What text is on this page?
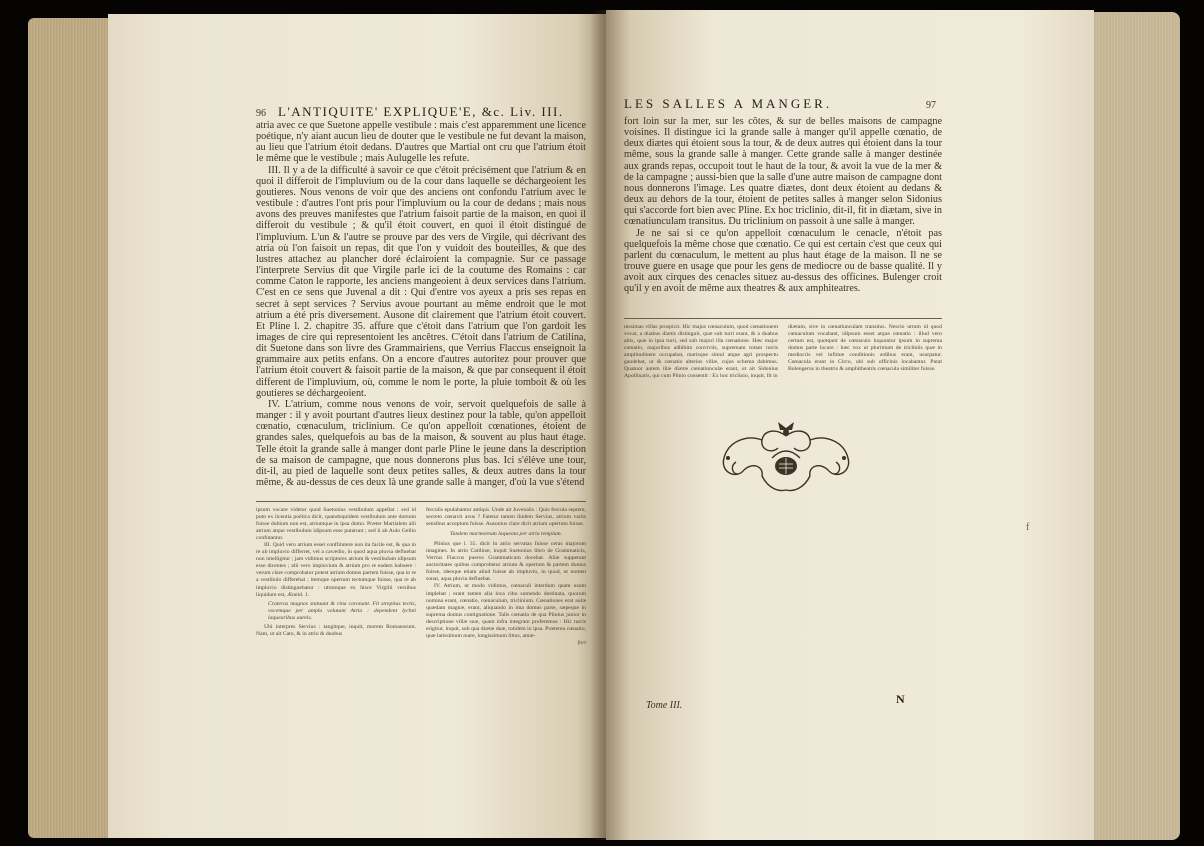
96 L'ANTIQUITE' EXPLIQUE'E, &c. Liv. III.

atria avec ce que Suetone appelle vestibule : mais c'est apparemment une licence poétique, n'y aiant aucun lieu de douter que le vestibule ne fut devant la maison, au lieu que l'atrium étoit dedans. D'autres que Martial ont cru que l'atrium étoit le même que le vestibule ; mais Aulugelle les refute.

III. Il y a de la difficulté à savoir ce que c'étoit précisément que l'atrium & en quoi il differoit de l'impluvium ou de la cour dans laquelle se déchargeoient les goutieres. Nous venons de voir que des anciens ont confondu l'atrium avec le vestibule : d'autres l'ont pris pour l'impluvium ou la cour de dedans ; mais nous avons des preuves manifestes que l'atrium faisoit partie de la maison, en quoi il differoit du vestibule ; & qu'il étoit couvert, en quoi il étoit distingué de l'impluvium. L'un & l'autre se prouve par des vers de Virgile, qui décrivant des atria où l'on faisoit un repas, dit que l'on y vuidoit des bouteilles, & que des lustres attachez au plancher doré éclairoient la compagnie. Sur ce passage l'interprete Servius dit que Virgile parle ici de la coutume des Romains : car comme Caton le rapporte, les anciens mangeoient à deux services dans l'atrium. C'est en ce sens que Juvenal a dit : Qui d'entre vos ayeux a pris ses repas en secret à sept services ? Servius avoue pourtant au même endroit que le mot atrium a été pris diversement. Ausone dit clairement que l'atrium étoit couvert. Et Pline l. 2. chapitre 35. affure que c'étoit dans l'atrium que l'on gardoit les images de cire qui representoient les ancêtres. C'étoit dans l'atrium de Catilina, dit Suetone dans son livre des Grammairiens, que Verrius Flaccus enseignoit la grammaire aux petits enfans. On a encore d'autres autoritez pour prouver que l'atrium étoit couvert & faisoit partie de la maison, & que par consequent il étoit different de l'impluvium, où, comme le nom le porte, la pluie tomboit & où les goutieres se déchargeoient.

IV. L'atrium, comme nous venons de voir, servoit quelquefois de salle à manger : il y avoit pourtant d'autres lieux destinez pour la table, qu'on appelloit cœnatio, cœnaculum, triclinium. Ce qu'on appelloit cœnationes, étoient de grandes sales, quelquefois au bas de la maison, & souvent au plus haut étage. Telle étoit la grande salle à manger dont parle Pline le jeune dans la description de sa maison de campagne, que nous donnerons plus bas. Ici s'élève une tour, dit-il, au pied de laquelle sont deux petites salles, & deux autres dans la tour même, & au-dessus de ces deux là une grande salle à manger, d'où la vue s'étend

ipsum vocare videtur quod Suetonius vestibulum appellat : sed id puto ex licentia poëtica dicit, quandoquidem vestibulum ante domum fuisse dubium non est, atriumque in ipsa domo. Præter Martialem alii atrium atque vestibulum idipsum esse putarunt ; sed ii ab Aulo Gellio confutantur.

III. Quid vero atrium esset conflitutere non ita facile est, & qua in re ab impluvio differret, vel a cavædio, in quod aqua pluvia defluebat non intelligitur ; jam vidimus scriptores atrium & vestibulum idipsum esse dicentes ; alii vero impluvium & atrium pro re eadem habuere : verum clare comprobatur potest atrium domus partem fuisse, qua in re a vestibulo differebat ; itemque opertum tectumque fuisse, qua re ab impluvio distinguebatur : utrumque ex hisce Virgilii versibus liquidum est, Æneid. 1.

Crateras magnos statuunt & vina coronant. Fit strepitus tectis, vocemque per ampla volutant Atria : dependent lychni laquearibus aureis.

Ubi interpres Servius : tangitque, inquit, morem Romanorum. Nam, ut ait Cato, & in atrio & duobus

ferculis epulabantur antiqui. Unde ait Juvenalis : Quis fercula septem, secreto cœnavit avus ? Fatetur tamen ibidem Servius, atrium variis sensibus acceptum fuisse. Ausonius clare dicit atrium opertum fuisse.

Tandem marmoreum laqueata per atria templum.

Plinius que l. 35. dicit in atrio servatas fuisse ceras majorum imagines. In atrio Catilinæ, inquit Suetonius libro de Grammaticis, Verrius Flaccus pueros Grammaticam docebat. Aliæ suppetunt auctoritates quibus comprobetur atrium & opertum & partem domus fuisse, ideoque etiam aliud fuisse ab impluvio, in quod, ut nomen sonat, aqua pluvia defluebat.

IV. Atrium, ut modo vidimus, cœnaculi interdum quam usum implebat ; erant tamen alia loca cibo sumendo destinata, quorum nomina erant, cœnatio, cœnaculum, triclinium. Cœnationes erat aulæ quædam magnæ, erant, aliquando in ima domus parte, sæpeque in suprema domus contignatione. Talis cœnatio de qua Plinius junior in descriptione villæ suæ, quam infra integram proferemus : Hic turris erigitur, inquit, sub qua diætæ duæ, totidem in ipsa. Præterea cœnatio, quæ latissimum mare, longissimum littus, amœ-

fort

LES SALLES A MANGER.	97

fort loin sur la mer, sur les côtes, & sur de belles maisons de campagne voisines. Il distingue ici la grande salle à manger qu'il appelle cœnatio, de deux diætes qui étoient sous la tour, & de deux autres qui étoient dans la tour même, sous la grande salle à manger. Cette grande salle à manger destinée aux grands repas, occupoit tout le haut de la tour, & avoit la vue de la mer & de la campagne ; aussi-bien que la salle d'une autre maison de campagne dont nous donnerons l'image. Les quatre diætes, dont deux étoient au dedans & deux au dehors de la tour, étoient de petites salles à manger selon Sidonius qui s'accorde fort bien avec Pline. Ex hoc triclinio, dit-il, fit in diætam, sive in cœnatiunculam transitus. Du triclinium on passoit à une salle à manger.

Je ne sai si ce qu'on appelloit cœnaculum le cenacle, n'étoit pas quelquefois la même chose que cœnatio. Ce qui est certain c'est que ceux qui parlent du cœnaculum, le mettent au plus haut étage de la maison. Il ne se trouve guere en usage que pour les gens de mediocre ou de basse qualité. Il y avoit aux cirques des cenacles situez au-dessus des officines. Bulenger croit qu'il y en avoit de même aux theatres & aux amphiteatres.

nissimas villas prospicit. Hic majus cœnaculum, quod cœnationem vocat, a duabus diætis distinguit, quæ sub turri erant, & a duabus aliis, quæ in ipsa turri, sed sub majori illa cœnatione. Hæc major cœnatio, majoribus adhibita conviviis, supremam totam turris amplitudinem occupabat, marisque simul atque agri prospectu gaudebat, ut & cœnatio alterius villæ, cujus schema dabimus. Quatuor autem illæ diætæ cœnatiunculæ erant, ut ait Sidonius Apollinaris, qui cum Plinio consentit : Ex hoc triclinio, inquit, fit in

diætam, sive in cœnatiunculam transitus. Nescio utrum id quod cœnaculum vocabant, idipsum esset atque cœnatio : illud vero certum est, quotquot de cœnaculo loquuntur ipsum in suprema domus parte locare : hæc vox ut plurimum de tricliniis quæ in mediocris vel infimæ conditionis ædibus erant, usurpatur. Cœnacula erant in Circo, ubi sub officinis locabantur. Putat Bulengerus in theatris & amphitheatris cœnacula similiter fuisse.

Tome III.	N
f
